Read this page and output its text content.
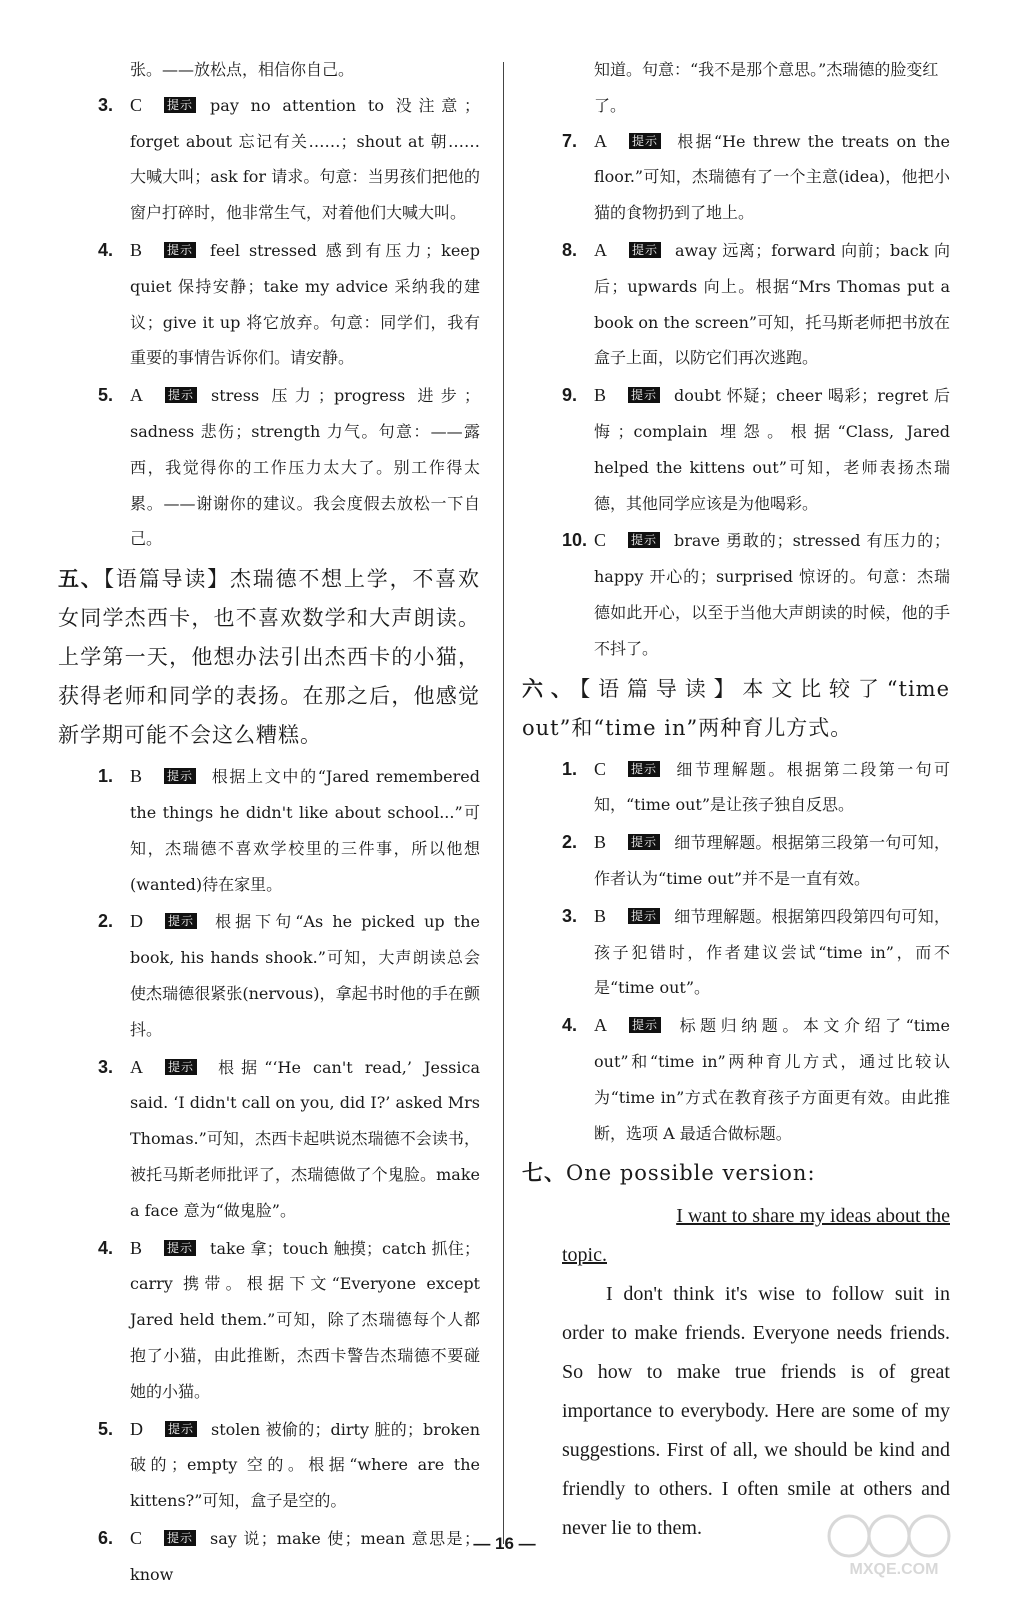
张。——放松点，相信你自己。
3. C 提示 pay no attention to 没注意；forget about 忘记有关……；shout at 朝……大喊大叫；ask for 请求。句意：当男孩们把他的窗户打碎时，他非常生气，对着他们大喊大叫。
4. B 提示 feel stressed 感到有压力；keep quiet 保持安静；take my advice 采纳我的建议；give it up 将它放弃。句意：同学们，我有重要的事情告诉你们。请安静。
5. A 提示 stress 压力；progress 进步；sadness 悲伤；strength 力气。句意：——露西，我觉得你的工作压力太大了。别工作得太累。——谢谢你的建议。我会度假去放松一下自己。
五、【语篇导读】杰瑞德不想上学，不喜欢女同学杰西卡，也不喜欢数学和大声朗读。上学第一天，他想办法引出杰西卡的小猫，获得老师和同学的表扬。在那之后，他感觉新学期可能不会这么糟糕。
1. B 提示 根据上文中的“Jared remembered the things he didn't like about school...”可知，杰瑞德不喜欢学校里的三件事，所以他想(wanted)待在家里。
2. D 提示 根据下句“As he picked up the book, his hands shook.”可知，大声朗读总会使杰瑞德很紧张(nervous)，拿起书时他的手在颤抖。
3. A 提示 根据“‘He can't read,’ Jessica said. ‘I didn't call on you, did I?’ asked Mrs Thomas.”可知，杰西卡起哄说杰瑞德不会读书，被托马斯老师批评了，杰瑞德做了个鬼脸。make a face 意为“做鬼脸”。
4. B 提示 take 拿；touch 触摸；catch 抓住；carry 携带。根据下文“Everyone except Jared held them.”可知，除了杰瑞德每个人都抱了小猫，由此推断，杰西卡警告杰瑞德不要碰她的小猫。
5. D 提示 stolen 被偷的；dirty 脏的；broken 破的；empty 空的。根据“where are the kittens?”可知，盒子是空的。
6. C 提示 say 说；make 使；mean 意思是；know
知道。句意：“我不是那个意思。”杰瑞德的脸变红了。
7. A 提示 根据“He threw the treats on the floor.”可知，杰瑞德有了一个主意(idea)，他把小猫的食物扔到了地上。
8. A 提示 away 远离；forward 向前；back 向后；upwards 向上。根据“Mrs Thomas put a book on the screen”可知，托马斯老师把书放在盒子上面，以防它们再次逃跑。
9. B 提示 doubt 怀疑；cheer 喝彩；regret 后悔；complain 埋怨。根据“Class, Jared helped the kittens out”可知，老师表扬杰瑞德，其他同学应该是为他喝彩。
10. C 提示 brave 勇敢的；stressed 有压力的；happy 开心的；surprised 惊讶的。句意：杰瑞德如此开心，以至于当他大声朗读的时候，他的手不抖了。
六、【语篇导读】本文比较了“time out”和“time in”两种育儿方式。
1. C 提示 细节理解题。根据第二段第一句可知，“time out”是让孩子独自反思。
2. B 提示 细节理解题。根据第三段第一句可知，作者认为“time out”并不是一直有效。
3. B 提示 细节理解题。根据第四段第四句可知，孩子犯错时，作者建议尝试“time in”，而不是“time out”。
4. A 提示 标题归纳题。本文介绍了“time out”和“time in”两种育儿方式，通过比较认为“time in”方式在教育孩子方面更有效。由此推断，选项 A 最适合做标题。
七、One possible version:
I want to share my ideas about the
topic.
I don't think it's wise to follow suit in order to make friends. Everyone needs friends. So how to make true friends is of great importance to everybody. Here are some of my suggestions. First of all, we should be kind and friendly to others. I often smile at others and never lie to them.
— 16 —
MXQE.COM
